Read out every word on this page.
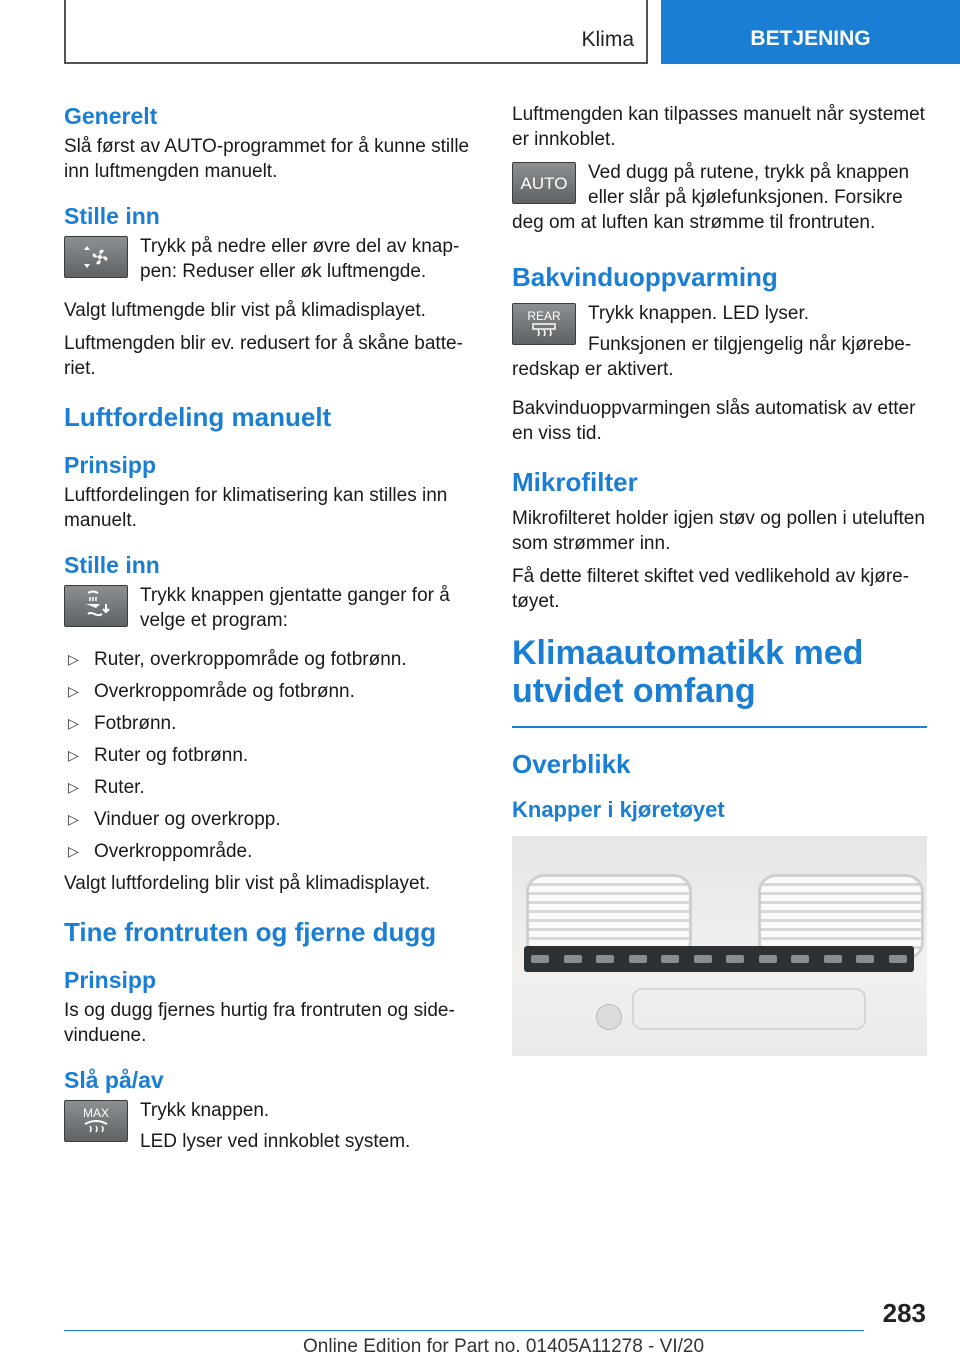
Klima	BETJENING
Generelt

Slå først av AUTO-programmet for å kunne stille inn luftmengden manuelt.

Stille inn

Trykk på nedre eller øvre del av knappen: Reduser eller øk luftmengde.

Valgt luftmengde blir vist på klimadisplayet.

Luftmengden blir ev. redusert for å skåne batteriet.

Luftfordeling manuelt
Prinsipp

Luftfordelingen for klimatisering kan stilles inn manuelt.

Stille inn

Trykk knappen gjentatte ganger for å velge et program:

▷ Ruter, overkroppområde og fotbrønn.
▷ Overkroppområde og fotbrønn.
▷ Fotbrønn.
▷ Ruter og fotbrønn.
▷ Ruter.
▷ Vinduer og overkropp.
▷ Overkroppområde.

Valgt luftfordeling blir vist på klimadisplayet.

Tine frontruten og fjerne dugg
Prinsipp

Is og dugg fjernes hurtig fra frontruten og sidevinduene.

Slå på/av
MAX	Trykk knappen.

LED lyser ved innkoblet system.

Luftmengden kan tilpasses manuelt når systemet er innkoblet.

AUTO	Ved dugg på rutene, trykk på knappen eller slår på kjølefunksjonen. Forsikre deg om at luften kan strømme til frontruten.

Bakvinduoppvarming
REAR	Trykk knappen. LED lyser.

Funksjonen er tilgjengelig når kjøreberedskap er aktivert.

Bakvinduoppvarmingen slås automatisk av etter en viss tid.

Mikrofilter

Mikrofilteret holder igjen støv og pollen i uteluften som strømmer inn.

Få dette filteret skiftet ved vedlikehold av kjøretøyet.

Klimaautomatikk med utvidet omfang
Overblikk
Knapper i kjøretøyet
283
Online Edition for Part no. 01405A11278 - VI/20
